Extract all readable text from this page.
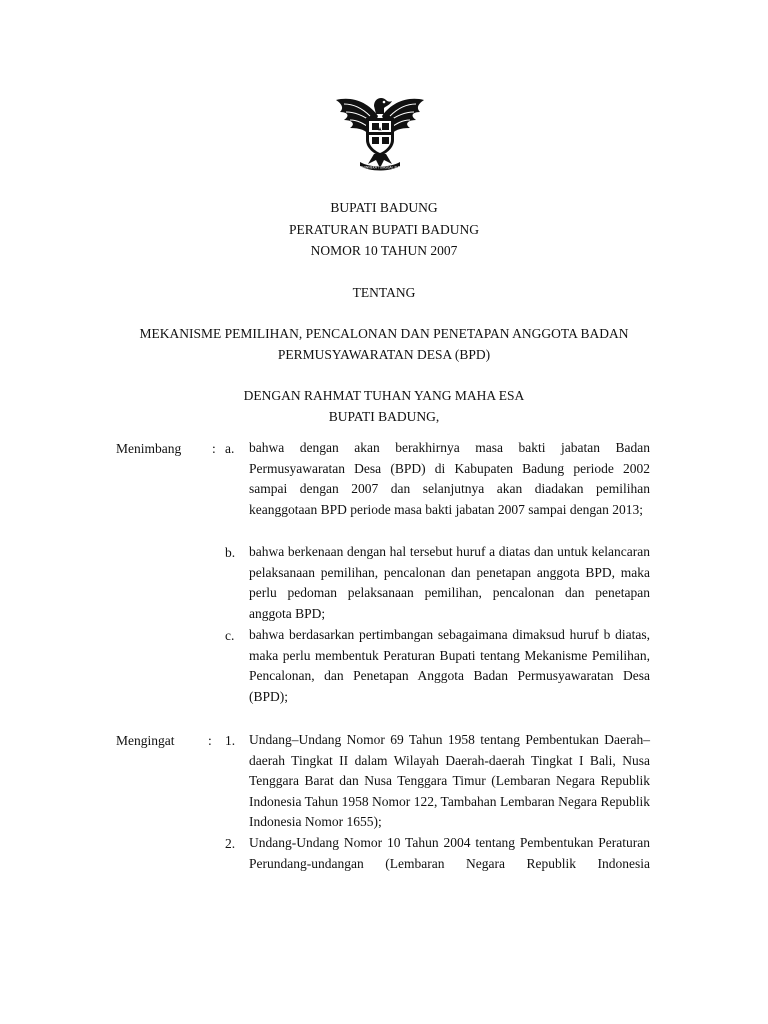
BHINNEKA TUNGGAL IKA
BUPATI BADUNG
PERATURAN BUPATI BADUNG
NOMOR 10 TAHUN 2007
TENTANG
MEKANISME PEMILIHAN, PENCALONAN DAN PENETAPAN ANGGOTA BADAN
PERMUSYAWARATAN DESA (BPD)
DENGAN RAHMAT TUHAN YANG MAHA ESA
BUPATI BADUNG,
Menimbang : a. bahwa dengan akan berakhirnya masa bakti jabatan Badan Permusyawaratan Desa (BPD) di Kabupaten Badung periode 2002 sampai dengan 2007 dan selanjutnya akan diadakan pemilihan keanggotaan BPD periode masa bakti jabatan 2007 sampai dengan 2013;
b. bahwa berkenaan dengan hal tersebut huruf a diatas dan untuk kelancaran pelaksanaan pemilihan, pencalonan dan penetapan anggota BPD, maka perlu pedoman pelaksanaan pemilihan, pencalonan dan penetapan anggota BPD;
c. bahwa berdasarkan pertimbangan sebagaimana dimaksud huruf b diatas, maka perlu membentuk Peraturan Bupati tentang Mekanisme Pemilihan, Pencalonan, dan Penetapan Anggota Badan Permusyawaratan Desa (BPD);
Mengingat : 1. Undang–Undang Nomor 69 Tahun 1958 tentang Pembentukan Daerah–daerah Tingkat II dalam Wilayah Daerah-daerah Tingkat I Bali, Nusa Tenggara Barat dan Nusa Tenggara Timur (Lembaran Negara Republik Indonesia Tahun 1958 Nomor 122, Tambahan Lembaran Negara Republik Indonesia Nomor 1655);
2. Undang-Undang Nomor 10 Tahun 2004 tentang Pembentukan Peraturan Perundang-undangan (Lembaran Negara Republik Indonesia
